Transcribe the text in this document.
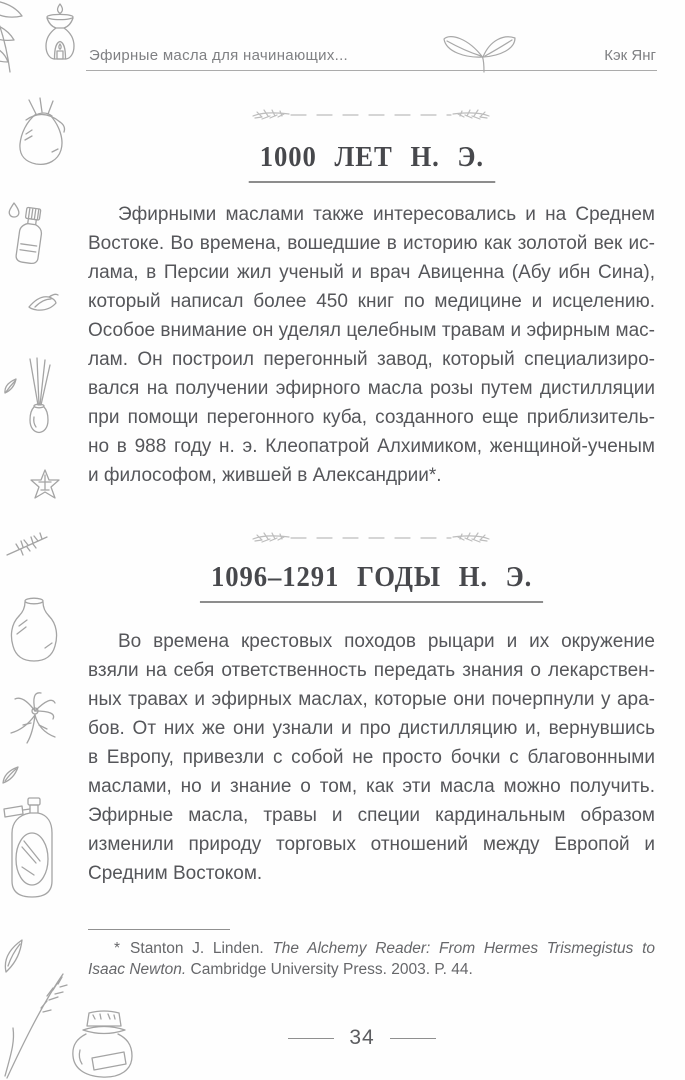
Эфирные масла для начинающих...	Кэк Янг
1000 ЛЕТ Н. Э.
Эфирными маслами также интересовались и на Среднем
Востоке. Во времена, вошедшие в историю как золотой век ис-
лама, в Персии жил ученый и врач Авиценна (Абу ибн Сина),
который написал более 450 книг по медицине и исцелению.
Особое внимание он уделял целебным травам и эфирным мас-
лам. Он построил перегонный завод, который специализиро-
вался на получении эфирного масла розы путем дистилляции
при помощи перегонного куба, созданного еще приблизитель-
но в 988 году н. э. Клеопатрой Алхимиком, женщиной-ученым
и философом, жившей в Александрии*.
1096–1291 ГОДЫ Н. Э.
Во времена крестовых походов рыцари и их окружение
взяли на себя ответственность передать знания о лекарствен-
ных травах и эфирных маслах, которые они почерпнули у ара-
бов. От них же они узнали и про дистилляцию и, вернувшись
в Европу, привезли с собой не просто бочки с благовонными
маслами, но и знание о том, как эти масла можно получить.
Эфирные масла, травы и специи кардинальным образом
изменили природу торговых отношений между Европой и
Средним Востоком.
* Stanton J. Linden. The Alchemy Reader: From Hermes Trismegistus to Isaac Newton. Cambridge University Press. 2003. P. 44.
34
